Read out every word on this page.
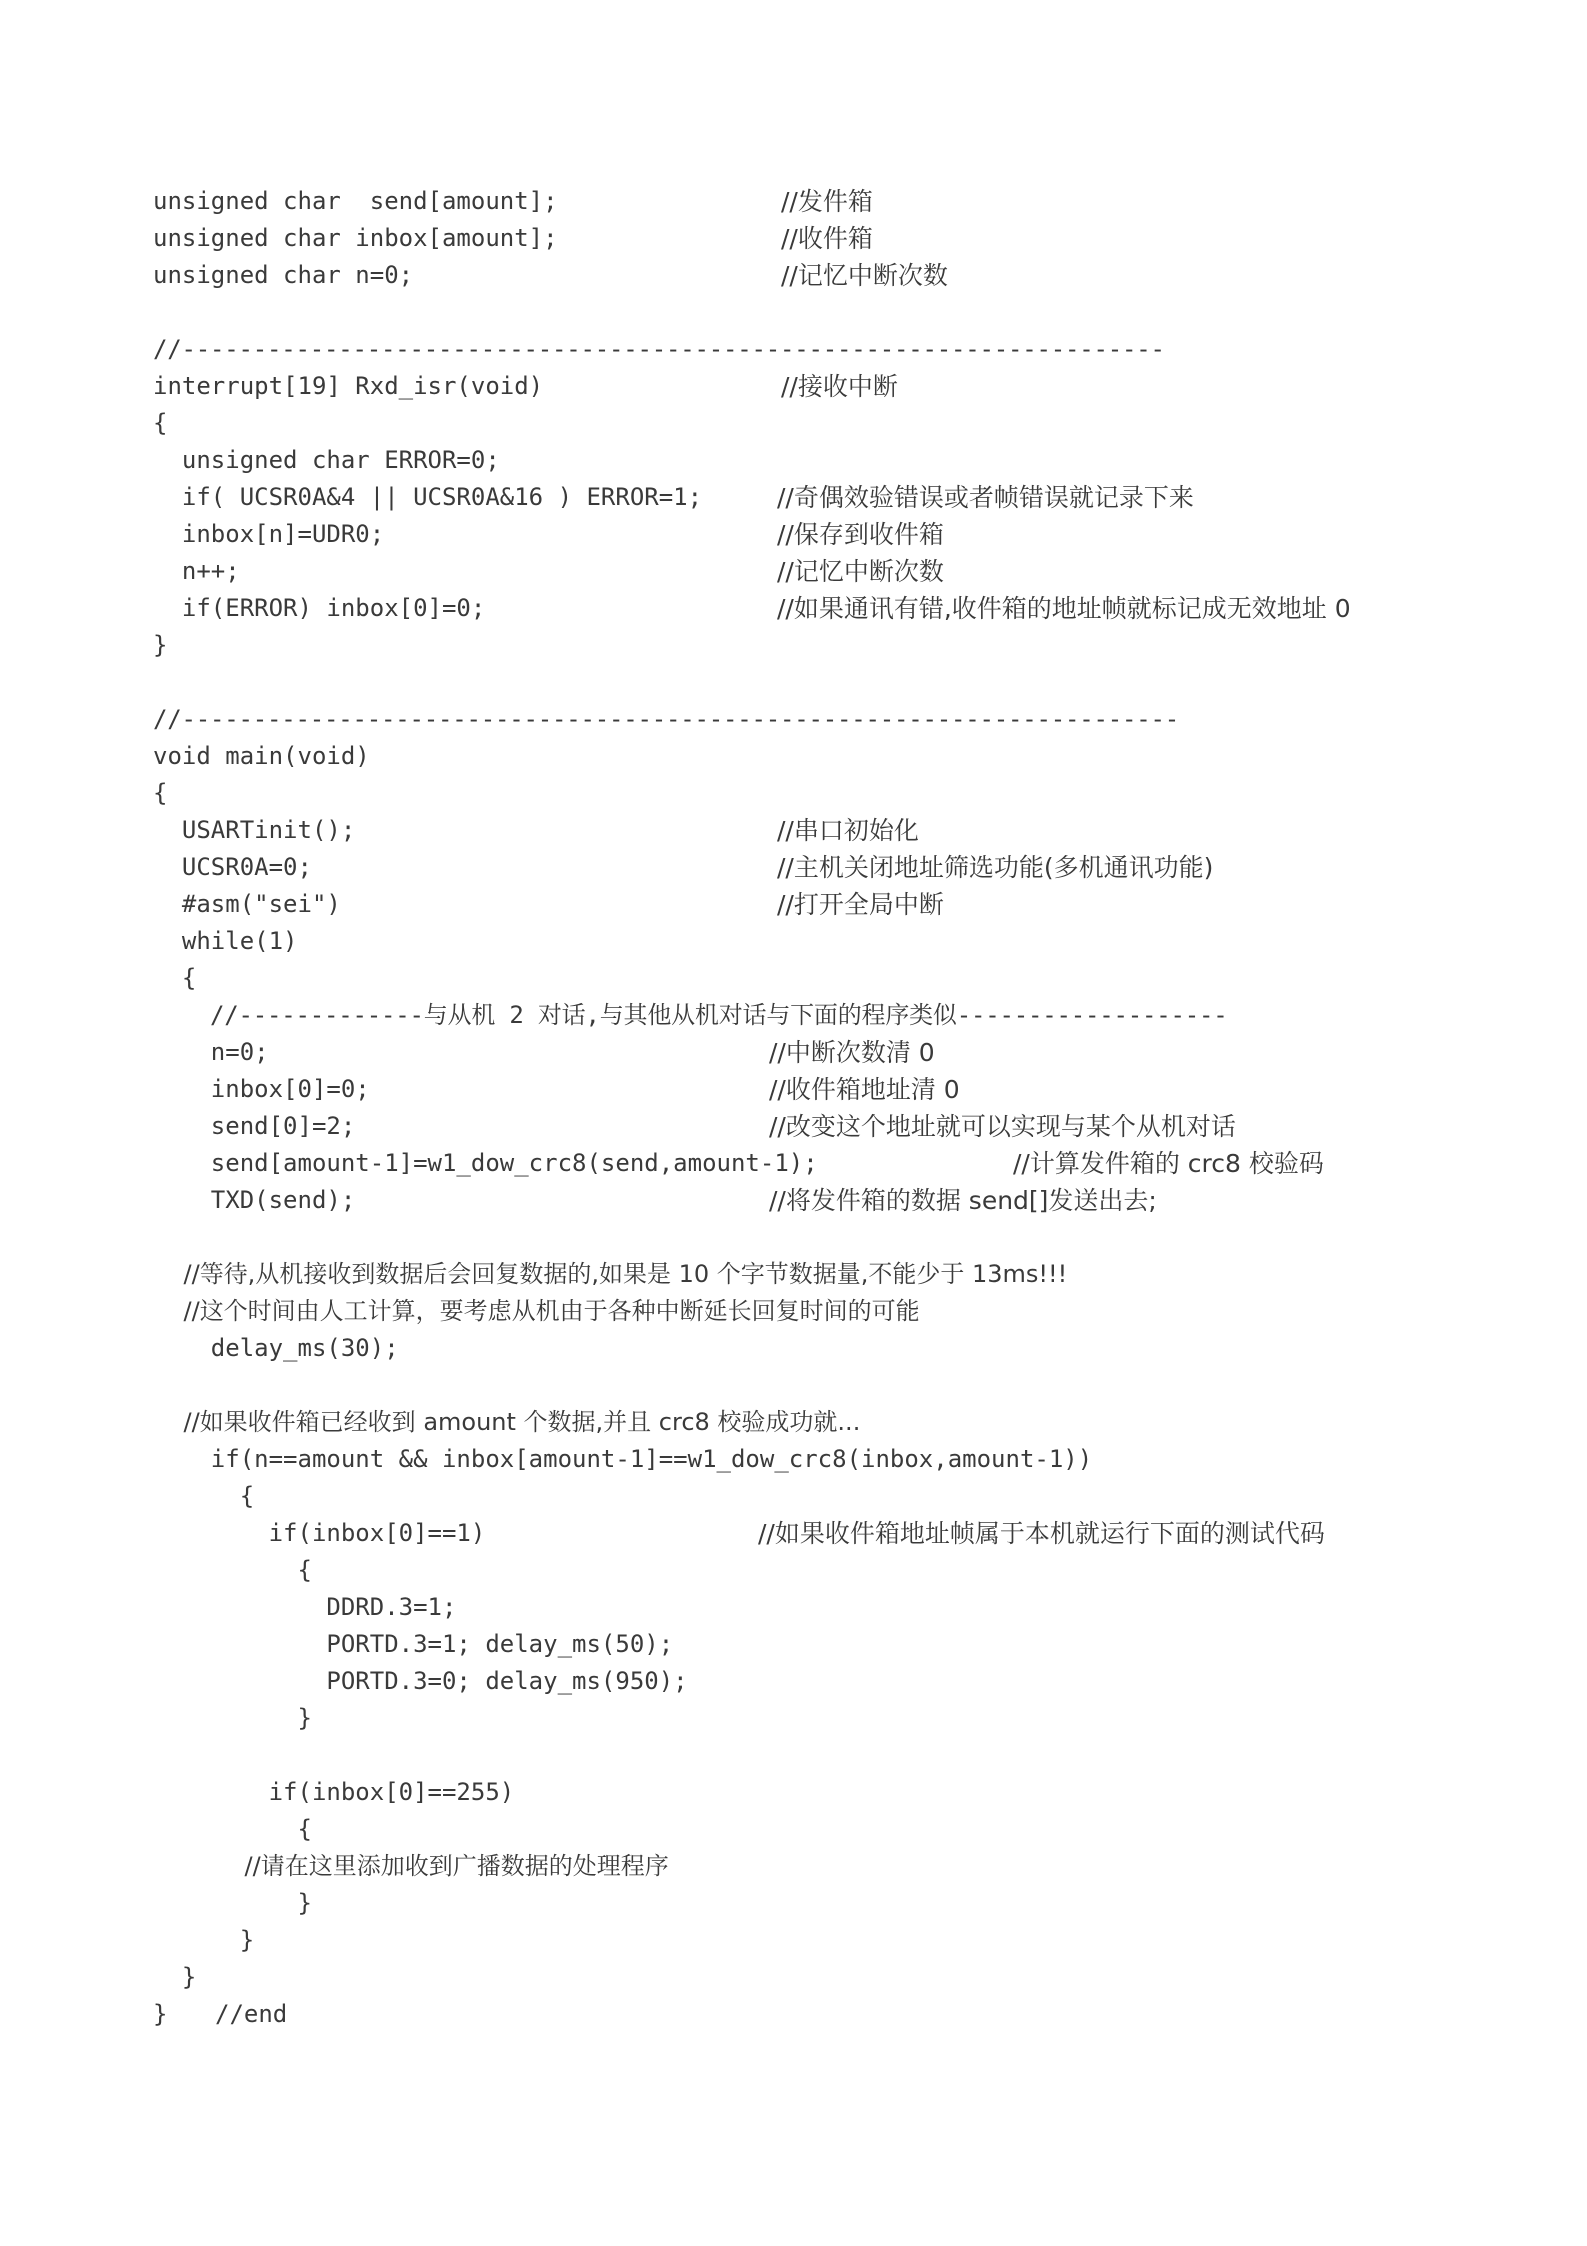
unsigned char  send[amount];	//发件箱
unsigned char inbox[amount];	//收件箱
unsigned char n=0;	//记忆中断次数
//---------------------------------------------------------------------
interrupt[19] Rxd_isr(void)	//接收中断
{
unsigned char ERROR=0;
if( UCSR0A&4 || UCSR0A&16 ) ERROR=1;	//奇偶效验错误或者帧错误就记录下来
inbox[n]=UDR0;	//保存到收件箱
n++;	//记忆中断次数
if(ERROR) inbox[0]=0;	//如果通讯有错,收件箱的地址帧就标记成无效地址 0
}
//----------------------------------------------------------------------
void main(void)
{
USARTinit();	//串口初始化
UCSR0A=0;	//主机关闭地址筛选功能(多机通讯功能)
#asm("sei")	//打开全局中断
while(1)
{
//-------------与从机 2 对话,与其他从机对话与下面的程序类似-------------------
n=0;	//中断次数清 0
inbox[0]=0;	//收件箱地址清 0
send[0]=2;	//改变这个地址就可以实现与某个从机对话
send[amount-1]=w1_dow_crc8(send,amount-1);	//计算发件箱的 crc8 校验码
TXD(send);	//将发件箱的数据 send[]发送出去;
//等待,从机接收到数据后会回复数据的,如果是 10 个字节数据量,不能少于 13ms!!!
//这个时间由人工计算，要考虑从机由于各种中断延长回复时间的可能
delay_ms(30);
//如果收件箱已经收到 amount 个数据,并且 crc8 校验成功就...
if(n==amount && inbox[amount-1]==w1_dow_crc8(inbox,amount-1))
{
if(inbox[0]==1)	//如果收件箱地址帧属于本机就运行下面的测试代码
{
DDRD.3=1;
PORTD.3=1; delay_ms(50);
PORTD.3=0; delay_ms(950);
}
if(inbox[0]==255)
{
//请在这里添加收到广播数据的处理程序
}
}
}
} //end
